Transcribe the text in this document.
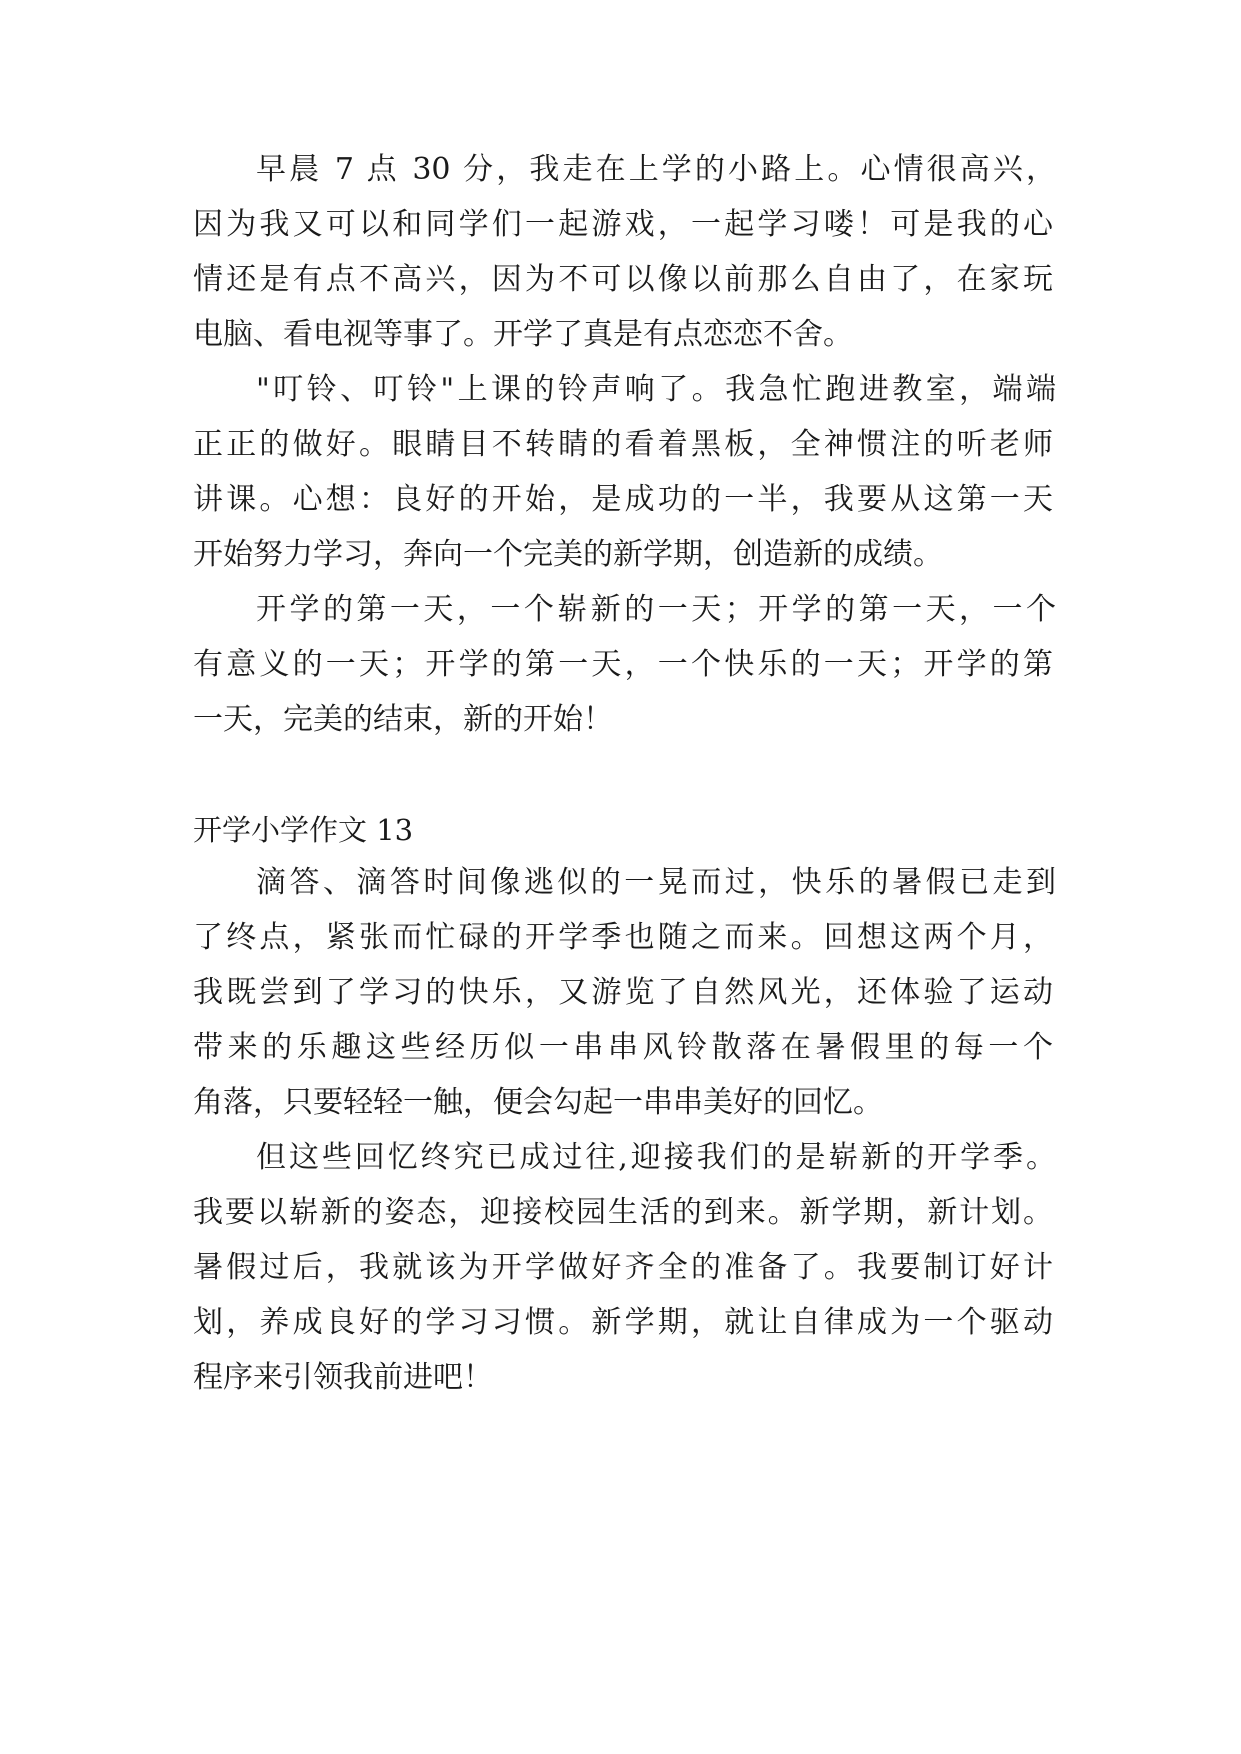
早晨 7 点 30 分，我走在上学的小路上。心情很高兴，
因为我又可以和同学们一起游戏，一起学习喽！可是我的心
情还是有点不高兴，因为不可以像以前那么自由了，在家玩
电脑、看电视等事了。开学了真是有点恋恋不舍。
"叮铃、叮铃"上课的铃声响了。我急忙跑进教室，端端
正正的做好。眼睛目不转睛的看着黑板，全神惯注的听老师
讲课。心想：良好的开始，是成功的一半，我要从这第一天
开始努力学习，奔向一个完美的新学期，创造新的成绩。
开学的第一天，一个崭新的一天；开学的第一天，一个
有意义的一天；开学的第一天，一个快乐的一天；开学的第
一天，完美的结束，新的开始！
开学小学作文 13
滴答、滴答时间像逃似的一晃而过，快乐的暑假已走到
了终点，紧张而忙碌的开学季也随之而来。回想这两个月，
我既尝到了学习的快乐，又游览了自然风光，还体验了运动
带来的乐趣这些经历似一串串风铃散落在暑假里的每一个
角落，只要轻轻一触，便会勾起一串串美好的回忆。
但这些回忆终究已成过往,迎接我们的是崭新的开学季。
我要以崭新的姿态，迎接校园生活的到来。新学期，新计划。
暑假过后，我就该为开学做好齐全的准备了。我要制订好计
划，养成良好的学习习惯。新学期，就让自律成为一个驱动
程序来引领我前进吧！
